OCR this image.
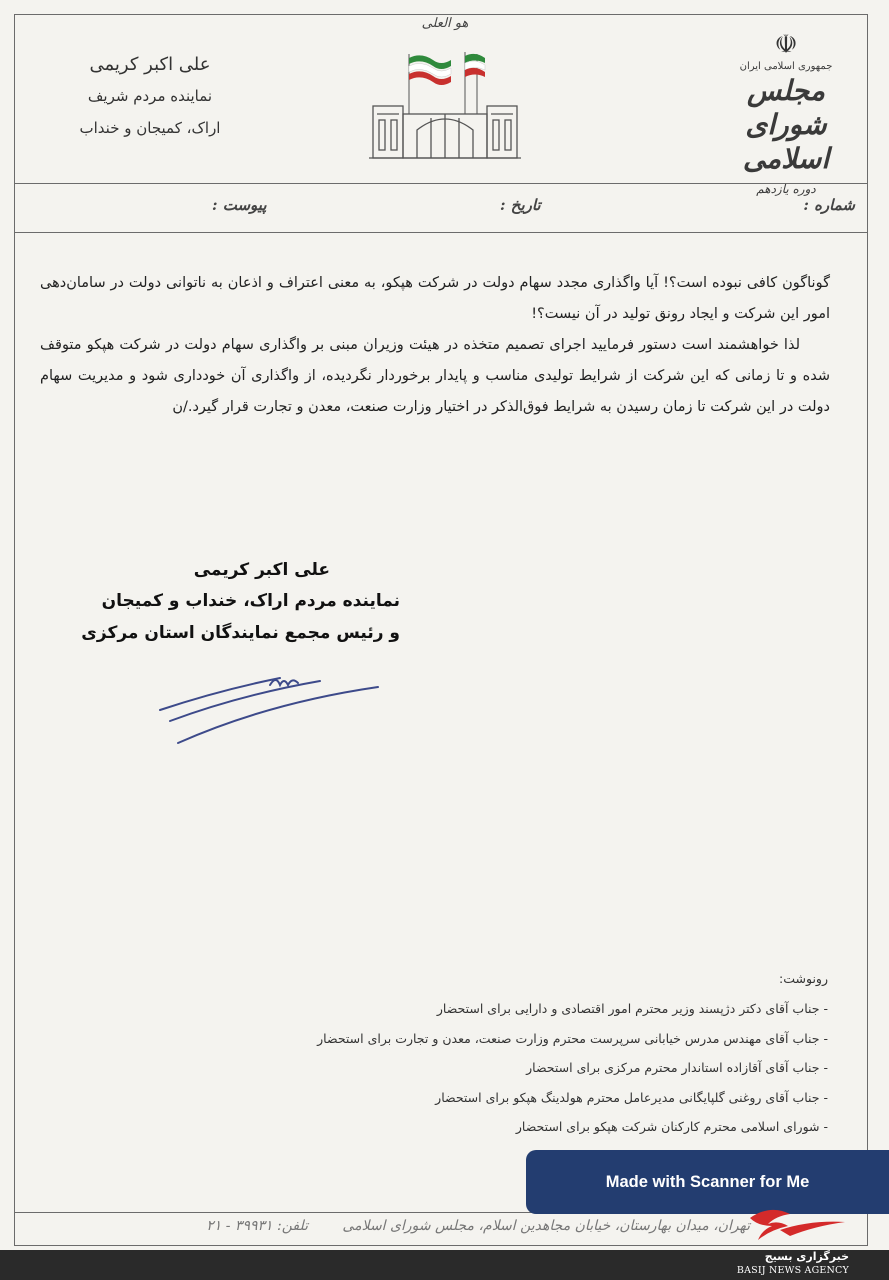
☫
جمهوری اسلامی ایران
مجلس شورای اسلامی
دوره یازدهم
هو العلی
علی اکبر کریمی
نماینده مردم شریف
اراک، کمیجان و خنداب
شماره :
تاریخ :
پیوست :

گوناگون کافی نبوده است؟! آیا واگذاری مجدد سهام دولت در شرکت هپکو، به معنی اعتراف و اذعان به ناتوانی دولت در سامان‌دهی امور این شرکت و ایجاد رونق تولید در آن نیست؟!

لذا خواهشمند است دستور فرمایید اجرای تصمیم متخذه در هیئت وزیران مبنی بر واگذاری سهام دولت در شرکت هپکو متوقف شده و تا زمانی که این شرکت از شرایط تولیدی مناسب و پایدار برخوردار نگردیده، از واگذاری آن خودداری شود و مدیریت سهام دولت در این شرکت تا زمان رسیدن به شرایط فوق‌الذکر در اختیار وزارت صنعت، معدن و تجارت قرار گیرد./ن

علی اکبر کریمی
نماینده مردم اراک، خنداب و کمیجان
و رئیس مجمع نمایندگان استان مرکزی
رونوشت:
- جناب آقای دکتر دژپسند وزیر محترم امور اقتصادی و دارایی برای استحضار
- جناب آقای مهندس مدرس خیابانی سرپرست محترم وزارت صنعت، معدن و تجارت برای استحضار
- جناب آقای آقازاده استاندار محترم مرکزی برای استحضار
- جناب آقای روغنی گلپایگانی مدیرعامل محترم هولدینگ هپکو برای استحضار
- شورای اسلامی محترم کارکنان شرکت هپکو برای استحضار
تهران، میدان بهارستان، خیابان مجاهدین اسلام، مجلس شورای اسلامی تلفن: ۳۹۹۳۱ - ۲۱
Made with Scanner for Me
خبرگزاری بسیج
BASIJ NEWS AGENCY
